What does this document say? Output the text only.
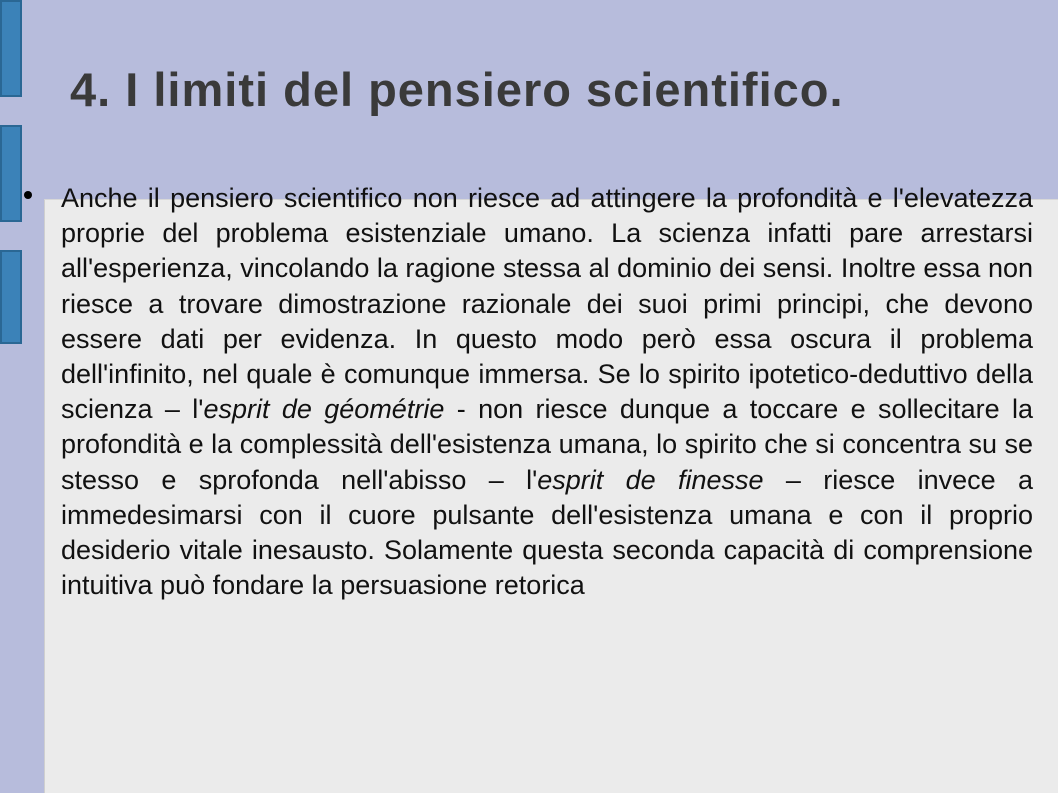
4. I limiti del pensiero scientifico.

Anche il pensiero scientifico non riesce ad attingere la profondità e l'elevatezza proprie del problema esistenziale umano. La scienza infatti pare arrestarsi all'esperienza, vincolando la ragione stessa al dominio dei sensi. Inoltre essa non riesce a trovare dimostrazione razionale dei suoi primi principi, che devono essere dati per evidenza. In questo modo però essa oscura il problema dell'infinito, nel quale è comunque immersa. Se lo spirito ipotetico-deduttivo della scienza – l'esprit de géométrie - non riesce dunque a toccare e sollecitare la profondità e la complessità dell'esistenza umana, lo spirito che si concentra su se stesso e sprofonda nell'abisso – l'esprit de finesse – riesce invece a immedesimarsi con il cuore pulsante dell'esistenza umana e con il proprio desiderio vitale inesausto. Solamente questa seconda capacità di comprensione intuitiva può fondare la persuasione retorica
